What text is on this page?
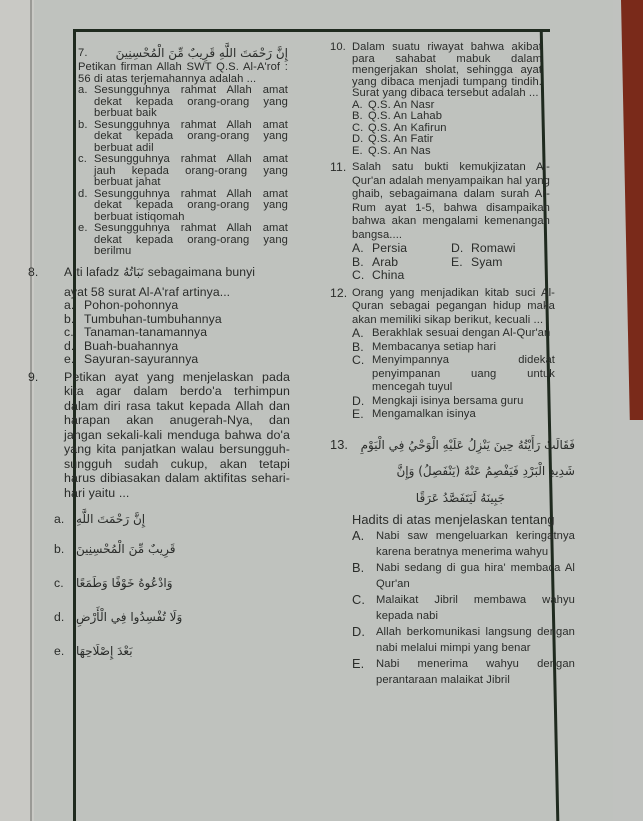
7.	إِنَّ رَحْمَتَ اللَّهِ قَرِيبٌ مِّنَ الْمُحْسِنِينَ
Petikan firman Allah SWT Q.S. Al-A'rof : 56 di atas terjemahannya adalah ...
a. Sesungguhnya rahmat Allah amat dekat kepada orang-orang yang berbuat baik
b. Sesungguhnya rahmat Allah amat dekat kepada orang-orang yang berbuat adil
c. Sesungguhnya rahmat Allah amat jauh kepada orang-orang yang berbuat jahat
d. Sesungguhnya rahmat Allah amat dekat kepada orang-orang yang berbuat istiqomah
e. Sesungguhnya rahmat Allah amat dekat kepada orang-orang yang berilmu
8.	Arti lafadz نَبَاتُهُ sebagaimana bunyi
ayat 58 surat Al-A'raf artinya...
a. Pohon-pohonnya
b. Tumbuhan-tumbuhannya
c. Tanaman-tanamannya
d. Buah-buahannya
e. Sayuran-sayurannya
9.	Petikan ayat yang menjelaskan pada kita agar dalam berdo'a terhimpun dalam diri rasa takut kepada Allah dan harapan akan anugerah-Nya, dan jangan sekali-kali menduga bahwa do'a yang kita panjatkan walau bersungguh-sungguh sudah cukup, akan tetapi harus dibiasakan dalam aktifitas sehari-hari yaitu ...
a. إِنَّ رَحْمَتَ اللَّهِ
b. قَرِيبٌ مِّنَ الْمُحْسِنِينَ
c.	وَادْعُوهُ خَوْفًا وَطَمَعًا
d. وَلَا تُفْسِدُوا فِي الْأَرْضِ
e. بَعْدَ إِصْلَاحِهَا
10. Dalam suatu riwayat bahwa akibat para sahabat mabuk dalam mengerjakan sholat, sehingga ayat yang dibaca menjadi tumpang tindih. Surat yang dibaca tersebut adalah ...
A. Q.S. An Nasr
B. Q.S. An Lahab
C. Q.S. An Kafirun
D. Q.S. An Fatir
E. Q.S. An Nas
11. Salah satu bukti kemukjizatan Al-Qur'an adalah menyampaikan hal yang ghaib, sebagaimana dalam surah Ar-Rum ayat 1-5, bahwa disampaikan bahwa akan mengalami kemenangan bangsa....
A. Persia	D. Romawi
B. Arab	E. Syam
C. China
12. Orang yang menjadikan kitab suci Al-Quran sebagai pegangan hidup maka akan memiliki sikap berikut, kecuali ...
A. Berakhlak sesuai dengan Al-Qur'an
B. Membacanya setiap hari
C. Menyimpannya didekat penyimpanan uang untuk mencegah tuyul
D. Mengkaji isinya bersama guru
E. Mengamalkan isinya
13.	فَقَالَتْ رَأَيْتُهُ حِينَ يَنْزِلُ عَلَيْهِ الْوَحْيُ فِي الْيَوْمِ
شَدِيدِ الْبَرْدِ فَيَفْصِمُ عَنْهُ (يَنْفَصِلُ) وَإِنَّ
جَبِينَهُ لَيَتَفَصَّدُ عَرَقًا
Hadits di atas menjelaskan tentang
A.	Nabi saw mengeluarkan keringatnya karena beratnya menerima wahyu
B.	Nabi sedang di gua hira' membaca Al Qur'an
C. Malaikat Jibril membawa wahyu kepada nabi
D. Allah berkomunikasi langsung dengan nabi melalui mimpi yang benar
E.	Nabi menerima wahyu dengan perantaraan malaikat Jibril
